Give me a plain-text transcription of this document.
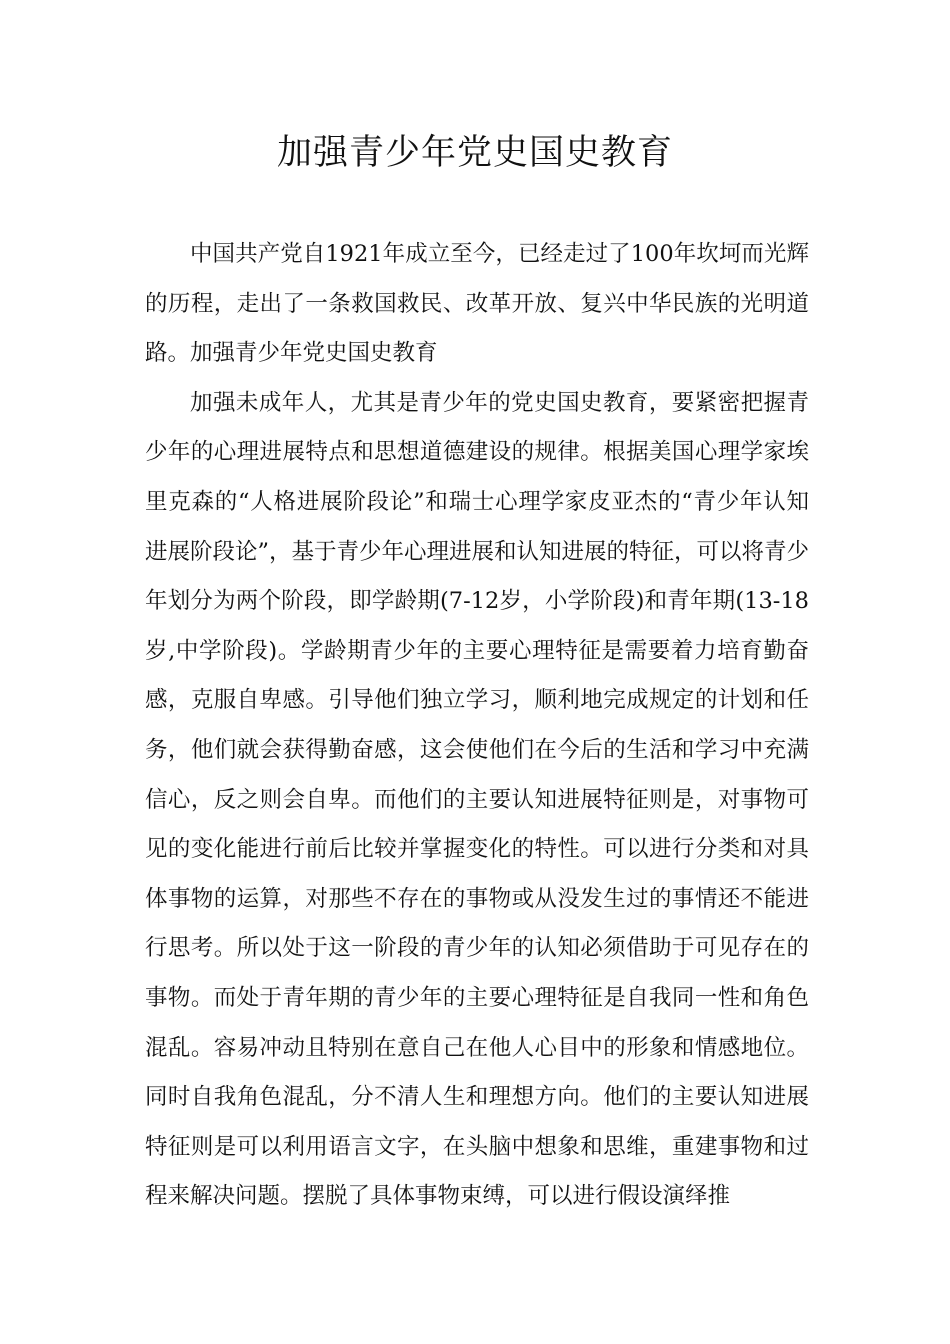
加强青少年党史国史教育

中国共产党自1921年成立至今，已经走过了100年坎坷而光辉的历程，走出了一条救国救民、改革开放、复兴中华民族的光明道路。加强青少年党史国史教育

加强未成年人，尤其是青少年的党史国史教育，要紧密把握青少年的心理进展特点和思想道德建设的规律。根据美国心理学家埃里克森的“人格进展阶段论”和瑞士心理学家皮亚杰的“青少年认知进展阶段论”，基于青少年心理进展和认知进展的特征，可以将青少年划分为两个阶段，即学龄期(7-12岁，小学阶段)和青年期(13-18岁,中学阶段)。学龄期青少年的主要心理特征是需要着力培育勤奋感，克服自卑感。引导他们独立学习，顺利地完成规定的计划和任务，他们就会获得勤奋感，这会使他们在今后的生活和学习中充满信心，反之则会自卑。而他们的主要认知进展特征则是，对事物可见的变化能进行前后比较并掌握变化的特性。可以进行分类和对具体事物的运算，对那些不存在的事物或从没发生过的事情还不能进行思考。所以处于这一阶段的青少年的认知必须借助于可见存在的事物。而处于青年期的青少年的主要心理特征是自我同一性和角色混乱。容易冲动且特别在意自己在他人心目中的形象和情感地位。同时自我角色混乱，分不清人生和理想方向。他们的主要认知进展特征则是可以利用语言文字，在头脑中想象和思维，重建事物和过程来解决问题。摆脱了具体事物束缚，可以进行假设演绎推
